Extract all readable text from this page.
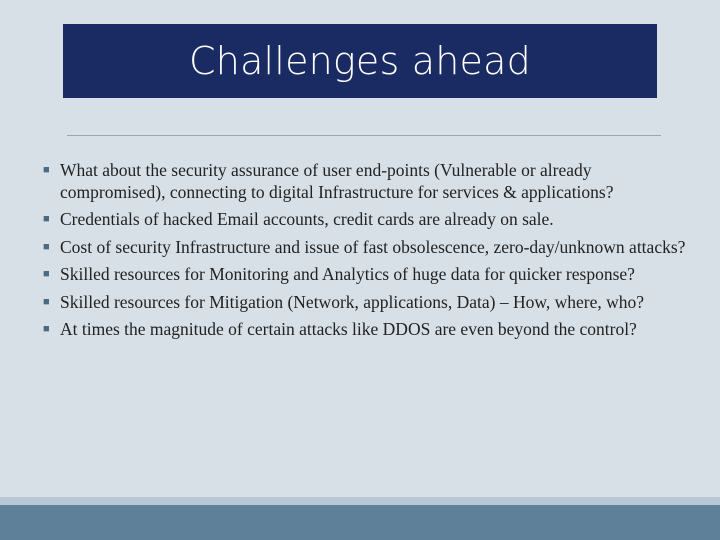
Challenges ahead
■ What about the security assurance of user end-points (Vulnerable or already compromised), connecting to digital Infrastructure for services & applications?
■ Credentials of hacked Email accounts, credit cards are already on sale.
■ Cost of security Infrastructure and issue of fast obsolescence, zero-day/unknown attacks?
■ Skilled resources for Monitoring and Analytics of huge data for quicker response?
■ Skilled resources for Mitigation (Network, applications, Data) – How, where, who?
■ At times the magnitude of certain attacks like DDOS are even beyond the control?
